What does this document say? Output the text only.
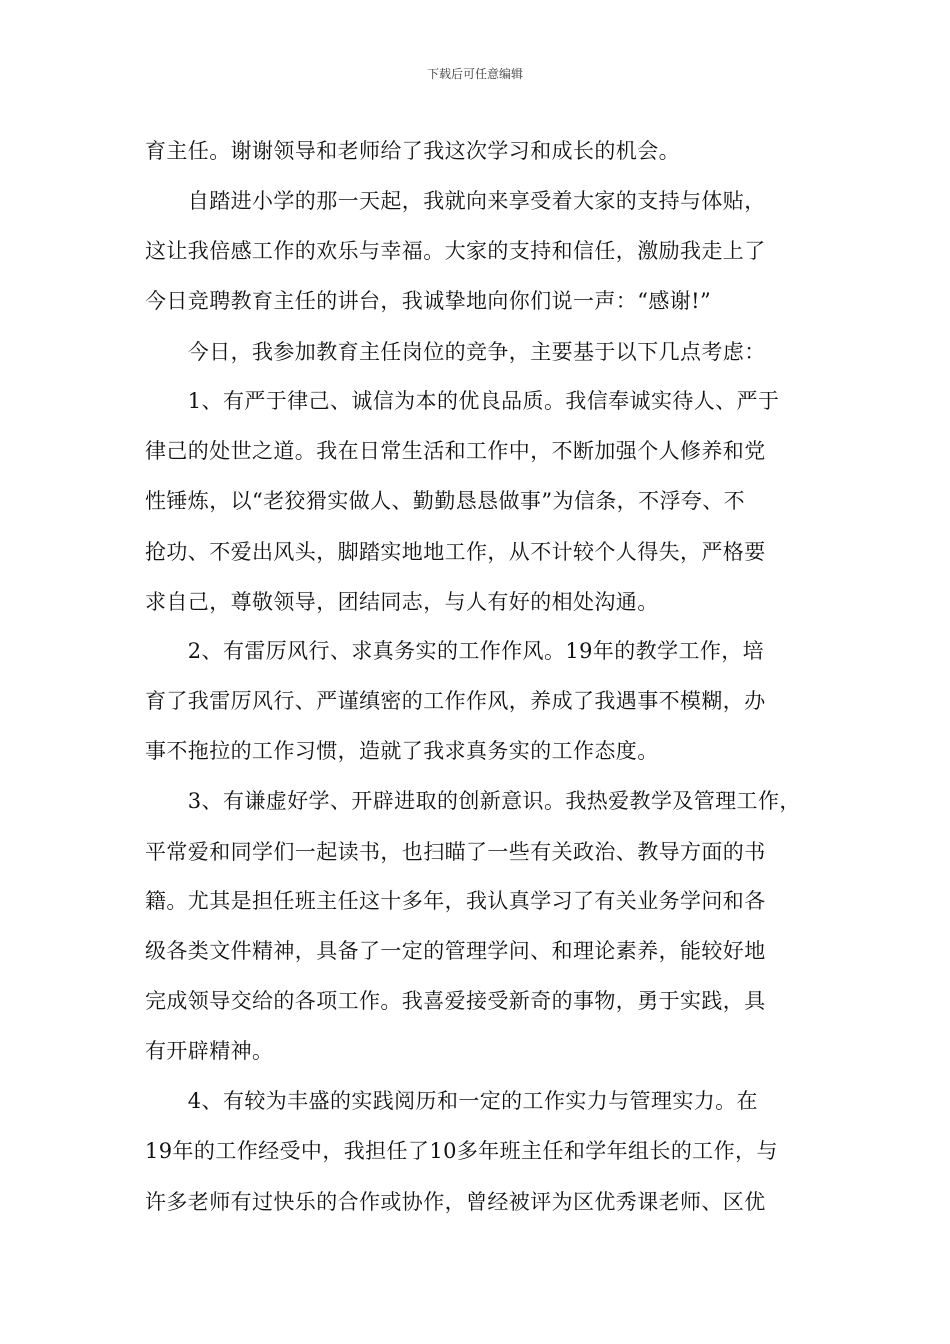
下载后可任意编辑
育主任。谢谢领导和老师给了我这次学习和成长的机会。
　　自踏进小学的那一天起，我就向来享受着大家的支持与体贴，
这让我倍感工作的欢乐与幸福。大家的支持和信任，激励我走上了
今日竞聘教育主任的讲台，我诚挚地向你们说一声：“感谢!”
　　今日，我参加教育主任岗位的竞争，主要基于以下几点考虑：
　　1、有严于律己、诚信为本的优良品质。我信奉诚实待人、严于
律己的处世之道。我在日常生活和工作中，不断加强个人修养和党
性锤炼，以“老狡猾实做人、勤勤恳恳做事”为信条，不浮夸、不
抢功、不爱出风头，脚踏实地地工作，从不计较个人得失，严格要
求自己，尊敬领导，团结同志，与人有好的相处沟通。
　　2、有雷厉风行、求真务实的工作作风。19年的教学工作，培
育了我雷厉风行、严谨缜密的工作作风，养成了我遇事不模糊，办
事不拖拉的工作习惯，造就了我求真务实的工作态度。
　　3、有谦虚好学、开辟进取的创新意识。我热爱教学及管理工作，
平常爱和同学们一起读书，也扫瞄了一些有关政治、教导方面的书
籍。尤其是担任班主任这十多年，我认真学习了有关业务学问和各
级各类文件精神，具备了一定的管理学问、和理论素养，能较好地
完成领导交给的各项工作。我喜爱接受新奇的事物，勇于实践，具
有开辟精神。
　　4、有较为丰盛的实践阅历和一定的工作实力与管理实力。在
19年的工作经受中，我担任了10多年班主任和学年组长的工作，与
许多老师有过快乐的合作或协作，曾经被评为区优秀课老师、区优
